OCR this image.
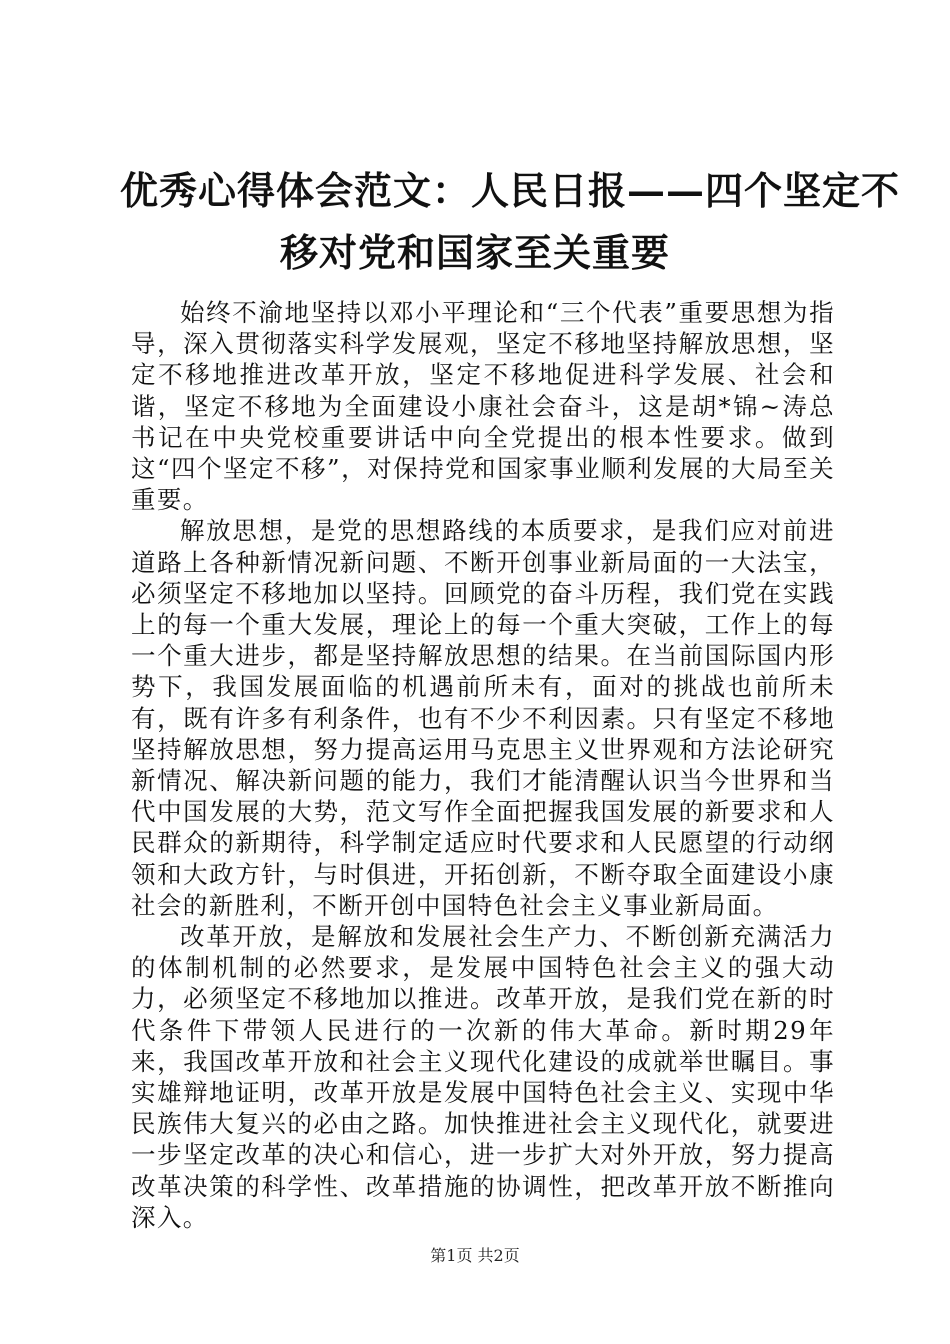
优秀心得体会范文：人民日报——四个坚定不
移对党和国家至关重要

始终不渝地坚持以邓小平理论和“三个代表”重要思想为指导，深入贯彻落实科学发展观，坚定不移地坚持解放思想，坚定不移地推进改革开放，坚定不移地促进科学发展、社会和谐，坚定不移地为全面建设小康社会奋斗，这是胡*锦~涛总书记在中央党校重要讲话中向全党提出的根本性要求。做到这“四个坚定不移”，对保持党和国家事业顺利发展的大局至关重要。

解放思想，是党的思想路线的本质要求，是我们应对前进道路上各种新情况新问题、不断开创事业新局面的一大法宝，必须坚定不移地加以坚持。回顾党的奋斗历程，我们党在实践上的每一个重大发展，理论上的每一个重大突破，工作上的每一个重大进步，都是坚持解放思想的结果。在当前国际国内形势下，我国发展面临的机遇前所未有，面对的挑战也前所未有，既有许多有利条件，也有不少不利因素。只有坚定不移地坚持解放思想，努力提高运用马克思主义世界观和方法论研究新情况、解决新问题的能力，我们才能清醒认识当今世界和当代中国发展的大势，范文写作全面把握我国发展的新要求和人民群众的新期待，科学制定适应时代要求和人民愿望的行动纲领和大政方针，与时俱进，开拓创新，不断夺取全面建设小康社会的新胜利，不断开创中国特色社会主义事业新局面。

改革开放，是解放和发展社会生产力、不断创新充满活力的体制机制的必然要求，是发展中国特色社会主义的强大动力，必须坚定不移地加以推进。改革开放，是我们党在新的时代条件下带领人民进行的一次新的伟大革命。新时期29年来，我国改革开放和社会主义现代化建设的成就举世瞩目。事实雄辩地证明，改革开放是发展中国特色社会主义、实现中华民族伟大复兴的必由之路。加快推进社会主义现代化，就要进一步坚定改革的决心和信心，进一步扩大对外开放，努力提高改革决策的科学性、改革措施的协调性，把改革开放不断推向深入。

第1页 共2页
